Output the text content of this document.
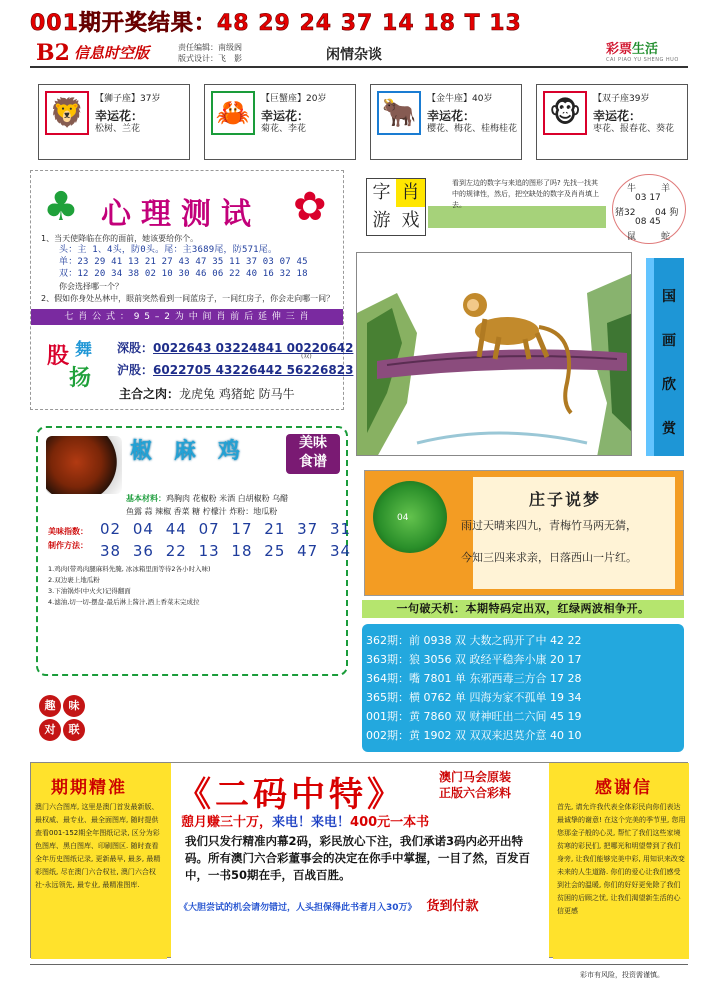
001期开奖结果：48 29 24 37 14 18 T 13
B2 信息时空版	责任编辑：南级阁
版式设计：飞　影	闲情杂谈	彩票生活
CAI PIAO YU SHENG HUO
🦁	【狮子座】37岁
幸运花：
松树、兰花	🦀	【巨蟹座】20岁
幸运花：
菊花、李花	🐂	【金牛座】40岁
幸运花：
樱花、梅花、桂梅桂花 🐵	【双子座39岁
幸运花：
枣花、报春花、葵花
♣ 心理测试 ✿
1、当天使降临在你的面前，她该要给你个。
头：主 1、4头，防0头。尾：主3689尾，防571尾。
单：23 29 41 13 21 27 43 47 35 11 37 03 07 45
双：12 20 34 38 02 10 30 46 06 22 40 16 32 18
你会选择哪一个？
2、假如你身处丛林中，眼前突然看到一间蓝房子，一间红房子，你会走向哪一间？
七 肖 公 式 ： 9 5 – 2 为 中 间 肖 前 后 延 伸 三 肖
股 舞
扬
深股：0022643 03224841 00220642
(双)
沪股：6022705 43226442 56226823
主合之肉：龙虎兔 鸡猪蛇 防马牛
椒麻鸡	美味
食谱
基本材料：鸡胸肉 花椒粉 米酒 白胡椒粉 乌醋
鱼露 蒜 辣椒 香菜 糖 柠檬汁 炸粉：地瓜粉
美味指数： 02 04 44 07 17 21 37 31
制作方法： 38 36 22 13 18 25 47 34
1.鸡肉(带鸡肉腿麻料先腌, 冰冰箱里面等待2各小时入味)
2.双边裹上地瓜粉
3.下油锅炸(中火火)记得翻面
4.滤油,切一切-摆盘-最后淋上酱汁,洒上香菜末完成拉
趣 味
对 联
字 肖
游 戏
看到左边的数字与来追的图形了吗? 先找一找其中的规律性，然后，把空缺处的数字及肖肖填上去。
牛	羊
03 17
猪32 04 狗
08 45
鼠	蛇
国
画
欣
赏
04
庄子说梦
雨过天晴来四九，青梅竹马两无猜，
今知三四来求亲，日落西山一片红。
一句破天机：本期特码定出双，红绿两波相争开。
362期：前 0938 双 大数之码开了中 42 22
363期：狼 3056 双 政经平稳奔小康 20 17
364期：嘴 7801 单 东邪西毒三方合 17 28
365期：横 0762 单 四海为家不孤单 19 34
001期：黄 7860 双 财神旺出二六间 45 19
002期：黄 1902 双 双双来迟莫介意 40 10
期期精准
澳门六合图库, 这里是澳门首发最新版、最权威、最专业、最全面图库, 随时提供查看001-152期全年图纸记录, 区分为彩色图库、黑白图库、印刷图区. 随时查看全年历史图纸记录, 更新最早, 最多, 最精彩图纸, 尽在澳门六合权社, 澳门六合权社-永远领先, 最专业, 最精准图库.
《二码中特》	澳门马会原装
正版六合彩料
憩月赚三十万，来电！来电！400元一本书
我们只发行精准内幕2码，彩民放心下注，我们承诺3码内必开出特码。所有澳门六合彩董事会的决定在你手中掌握，一目了然，百发百中，一书50期在手，百战百胜。
《大胆尝试的机会请勿错过，人头担保得此书者月入30万》 货到付款
感谢信
首先, 请允许我代表全体彩民向你们表达最诚挚的谢意! 在这个完美的季节里, 您用您那金子般的心灵, 帮忙了我们这些家境贫寒的彩民们, 把哪光和明望带到了我们身旁, 让我们能够完美中彩, 用知识来改变未来的人生道路. 你们的爱心让我们感受到社会的温暖, 你们的好好更免除了我们贫困的后顾之忧, 让我们渴望新生活的心信更感
彩市有风险，投资需谨慎。
